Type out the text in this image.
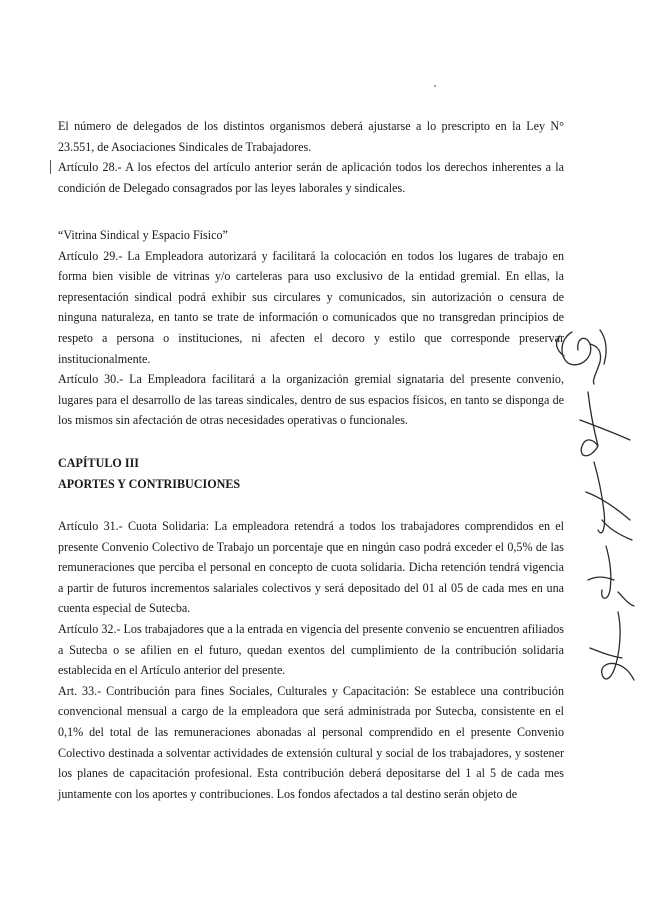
El número de delegados de los distintos organismos deberá ajustarse a lo prescripto en la Ley N° 23.551, de Asociaciones Sindicales de Trabajadores.

Artículo 28.- A los efectos del artículo anterior serán de aplicación todos los derechos inherentes a la condición de Delegado consagrados por las leyes laborales y sindicales.

“Vitrina Sindical y Espacio Físico”

Artículo 29.- La Empleadora autorizará y facilitará la colocación en todos los lugares de trabajo en forma bien visible de vitrinas y/o carteleras para uso exclusivo de la entidad gremial. En ellas, la representación sindical podrá exhibir sus circulares y comunicados, sin autorización o censura de ninguna naturaleza, en tanto se trate de información o comunicados que no transgredan principios de respeto a persona o instituciones, ni afecten el decoro y estilo que corresponde preservar institucionalmente.

Artículo 30.- La Empleadora facilitará a la organización gremial signataria del presente convenio, lugares para el desarrollo de las tareas sindicales, dentro de sus espacios físicos, en tanto se disponga de los mismos sin afectación de otras necesidades operativas o funcionales.

CAPÍTULO III

APORTES Y CONTRIBUCIONES

Artículo 31.- Cuota Solidaria: La empleadora retendrá a todos los trabajadores comprendidos en el presente Convenio Colectivo de Trabajo un porcentaje que en ningún caso podrá exceder el 0,5% de las remuneraciones que perciba el personal en concepto de cuota solidaria. Dicha retención tendrá vigencia a partir de futuros incrementos salariales colectivos y será depositado del 01 al 05 de cada mes en una cuenta especial de Sutecba.

Artículo 32.- Los trabajadores que a la entrada en vigencia del presente convenio se encuentren afiliados a Sutecba o se afilien en el futuro, quedan exentos del cumplimiento de la contribución solidaria establecida en el Artículo anterior del presente.

Art. 33.- Contribución para fines Sociales, Culturales y Capacitación: Se establece una contribución convencional mensual a cargo de la empleadora que será administrada por Sutecba, consistente en el 0,1% del total de las remuneraciones abonadas al personal comprendido en el presente Convenio Colectivo destinada a solventar actividades de extensión cultural y social de los trabajadores, y sostener los planes de capacitación profesional. Esta contribución deberá depositarse del 1 al 5 de cada mes juntamente con los aportes y contribuciones. Los fondos afectados a tal destino serán objeto de
